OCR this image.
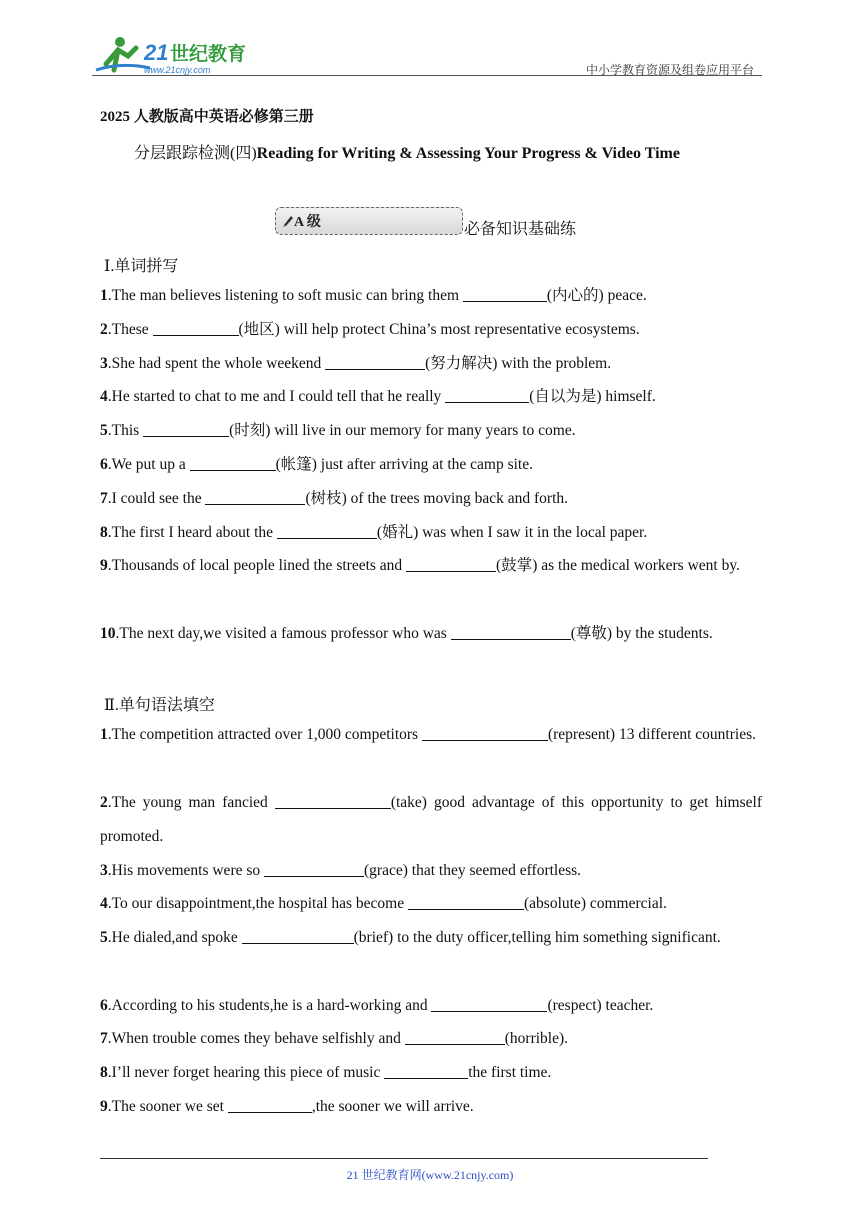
21 世纪教育
www.21cnjy.com	中小学教育资源及组卷应用平台
2025 人教版高中英语必修第三册
分层跟踪检测(四)Reading for Writing & Assessing Your Progress & Video Time
A 级	必备知识基础练
Ⅰ.单词拼写
1.The man believes listening to soft music can bring them	(内心的) peace.
2.These	(地区) will help protect China’s most representative ecosystems.
3.She had spent the whole weekend	(努力解决) with the problem.
4.He started to chat to me and I could tell that he really	(自以为是) himself.
5.This	(时刻) will live in our memory for many years to come.
6.We put up a	(帐篷) just after arriving at the camp site.
7.I could see the	(树枝) of the trees moving back and forth.
8.The first I heard about the	(婚礼) was when I saw it in the local paper.
9.Thousands of local people lined the streets and	(鼓掌) as the medical workers went by.
10.The next day,we visited a famous professor who was	(尊敬) by the students.
Ⅱ.单句语法填空
1.The competition attracted over 1,000 competitors	(represent) 13 different countries.
2.The young man fancied	(take) good advantage of this opportunity to get himself promoted.
3.His movements were so	(grace) that they seemed effortless.
4.To our disappointment,the hospital has become	(absolute) commercial.
5.He dialed,and spoke	(brief) to the duty officer,telling him something significant.
6.According to his students,he is a hard-working and	(respect) teacher.
7.When trouble comes they behave selfishly and	(horrible).
8.I’ll never forget hearing this piece of music	the first time.
9.The sooner we set	,the sooner we will arrive.
21 世纪教育网(www.21cnjy.com)
